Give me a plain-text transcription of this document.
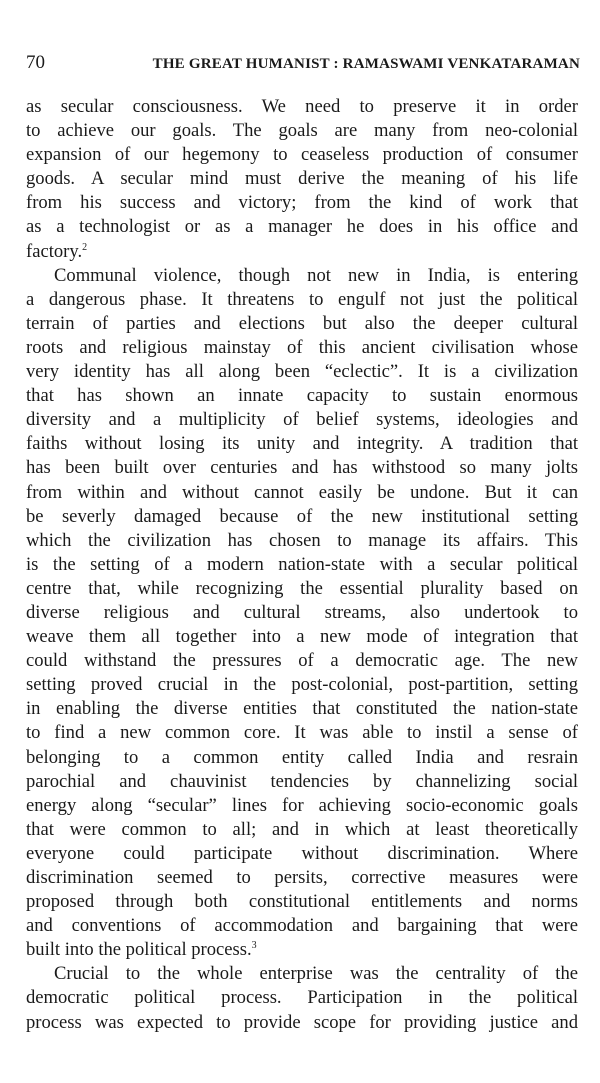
70	THE GREAT HUMANIST : RAMASWAMI VENKATARAMAN
as secular consciousness. We need to preserve it in order
to achieve our goals. The goals are many from neo-colonial
expansion of our hegemony to ceaseless production of consumer
goods. A secular mind must derive the meaning of his life
from his success and victory; from the kind of work that
as a technologist or as a manager he does in his office and
factory.$^2$
Communal violence, though not new in India, is entering
a dangerous phase. It threatens to engulf not just the political
terrain of parties and elections but also the deeper cultural
roots and religious mainstay of this ancient civilisation whose
very identity has all along been “eclectic”. It is a civilization
that has shown an innate capacity to sustain enormous
diversity and a multiplicity of belief systems, ideologies and
faiths without losing its unity and integrity. A tradition that
has been built over centuries and has withstood so many jolts
from within and without cannot easily be undone. But it can
be severly damaged because of the new institutional setting
which the civilization has chosen to manage its affairs. This
is the setting of a modern nation-state with a secular political
centre that, while recognizing the essential plurality based on
diverse religious and cultural streams, also undertook to
weave them all together into a new mode of integration that
could withstand the pressures of a democratic age. The new
setting proved crucial in the post-colonial, post-partition, setting
in enabling the diverse entities that constituted the nation-state
to find a new common core. It was able to instil a sense of
belonging to a common entity called India and resrain
parochial and chauvinist tendencies by channelizing social
energy along “secular” lines for achieving socio-economic goals
that were common to all; and in which at least theoretically
everyone could participate without discrimination. Where
discrimination seemed to persits, corrective measures were
proposed through both constitutional entitlements and norms
and conventions of accommodation and bargaining that were
built into the political process.$^3$
Crucial to the whole enterprise was the centrality of the
democratic political process. Participation in the political
process was expected to provide scope for providing justice and
